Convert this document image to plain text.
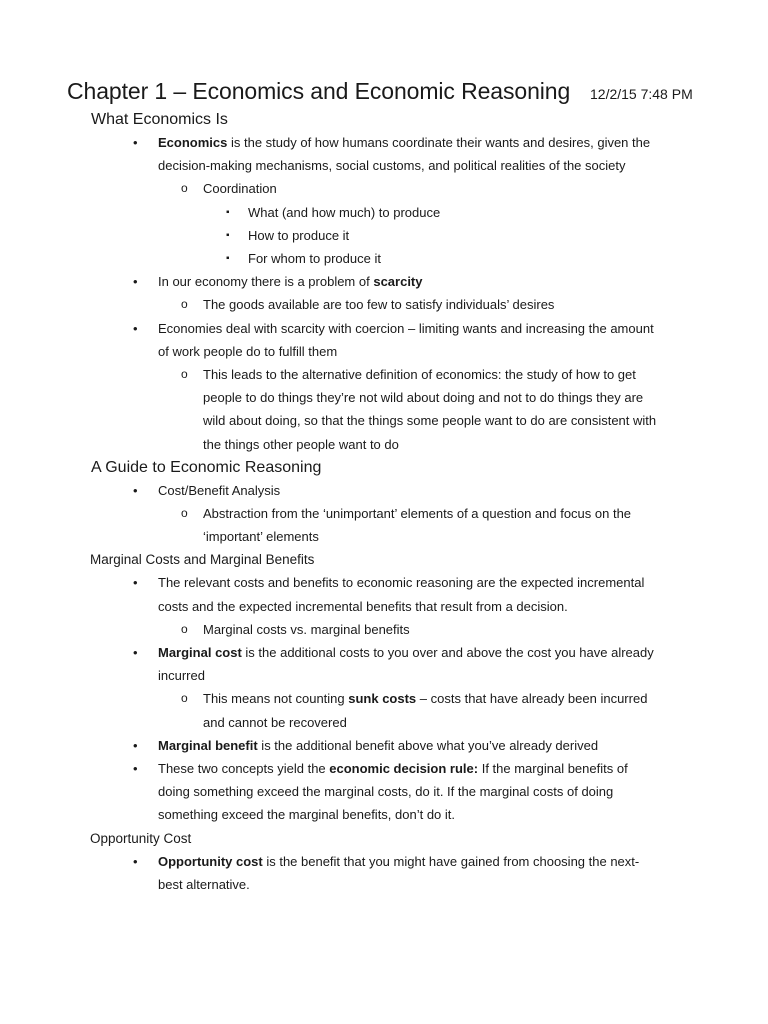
Chapter 1 – Economics and Economic Reasoning 12/2/15 7:48 PM
What Economics Is
• Economics is the study of how humans coordinate their wants and desires, given the decision-making mechanisms, social customs, and political realities of the society
o Coordination
▪ What (and how much) to produce
▪ How to produce it
▪ For whom to produce it
• In our economy there is a problem of scarcity
o The goods available are too few to satisfy individuals’ desires
• Economies deal with scarcity with coercion – limiting wants and increasing the amount of work people do to fulfill them
o This leads to the alternative definition of economics: the study of how to get people to do things they’re not wild about doing and not to do things they are wild about doing, so that the things some people want to do are consistent with the things other people want to do
A Guide to Economic Reasoning
• Cost/Benefit Analysis
o Abstraction from the ‘unimportant’ elements of a question and focus on the ‘important’ elements
Marginal Costs and Marginal Benefits
• The relevant costs and benefits to economic reasoning are the expected incremental costs and the expected incremental benefits that result from a decision.
o Marginal costs vs. marginal benefits
• Marginal cost is the additional costs to you over and above the cost you have already incurred
o This means not counting sunk costs – costs that have already been incurred and cannot be recovered
• Marginal benefit is the additional benefit above what you’ve already derived
• These two concepts yield the economic decision rule: If the marginal benefits of doing something exceed the marginal costs, do it. If the marginal costs of doing something exceed the marginal benefits, don’t do it.
Opportunity Cost
• Opportunity cost is the benefit that you might have gained from choosing the next-best alternative.
